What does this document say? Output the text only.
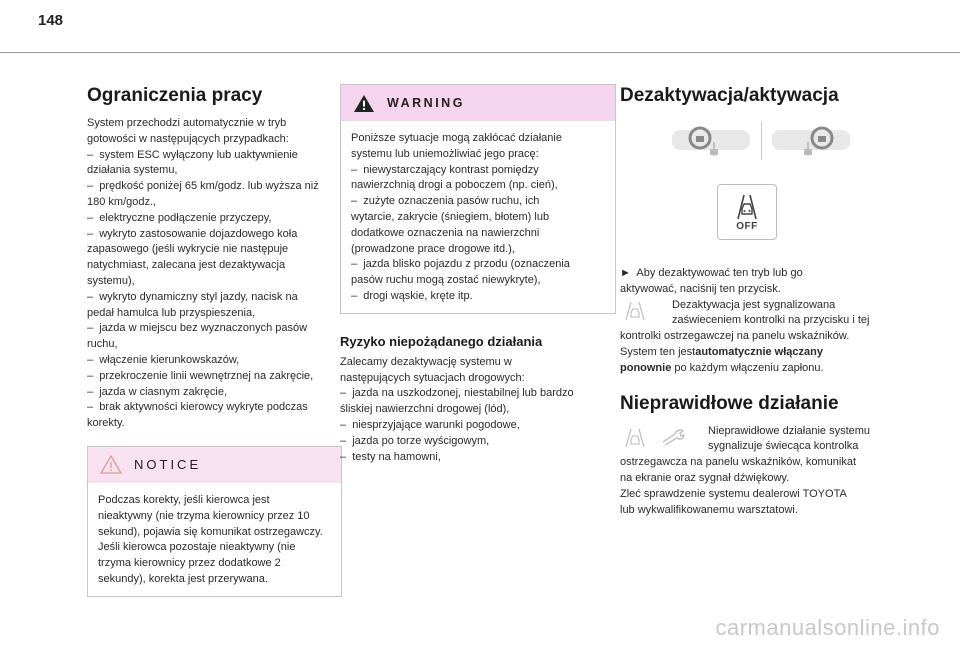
148
Ograniczenia pracy
System przechodzi automatycznie w tryb
gotowości w następujących przypadkach:
–  system ESC wyłączony lub uaktywnienie
działania systemu,
–  prędkość poniżej 65 km/godz. lub wyższa niż
180 km/godz.,
–  elektryczne podłączenie przyczepy,
–  wykryto zastosowanie dojazdowego koła
zapasowego (jeśli wykrycie nie następuje
natychmiast, zalecana jest dezaktywacja
systemu),
–  wykryto dynamiczny styl jazdy, nacisk na
pedał hamulca lub przyspieszenia,
–  jazda w miejscu bez wyznaczonych pasów
ruchu,
–  włączenie kierunkowskazów,
–  przekroczenie linii wewnętrznej na zakręcie,
–  jazda w ciasnym zakręcie,
–  brak aktywności kierowcy wykryte podczas
korekty.
NOTICE
Podczas korekty, jeśli kierowca jest
nieaktywny (nie trzyma kierownicy przez 10
sekund), pojawia się komunikat ostrzegawczy.
Jeśli kierowca pozostaje nieaktywny (nie
trzyma kierownicy przez dodatkowe 2
sekundy), korekta jest przerywana.
WARNING
Poniższe sytuacje mogą zakłócać działanie
systemu lub uniemożliwiać jego pracę:
–  niewystarczający kontrast pomiędzy
nawierzchnią drogi a poboczem (np. cień),
–  zużyte oznaczenia pasów ruchu, ich
wytarcie, zakrycie (śniegiem, błotem) lub
dodatkowe oznaczenia na nawierzchni
(prowadzone prace drogowe itd.),
–  jazda blisko pojazdu z przodu (oznaczenia
pasów ruchu mogą zostać niewykryte),
–  drogi wąskie, kręte itp.
Ryzyko niepożądanego działania
Zalecamy dezaktywację systemu w
następujących sytuacjach drogowych:
–  jazda na uszkodzonej, niestabilnej lub bardzo
śliskiej nawierzchni drogowej (lód),
–  niesprzyjające warunki pogodowe,
–  jazda po torze wyścigowym,
–  testy na hamowni,
Dezaktywacja/aktywacja
OFF
►  Aby dezaktywować ten tryb lub go
aktywować, naciśnij ten przycisk.
Dezaktywacja jest sygnalizowana
zaświeceniem kontrolki na przycisku i tej
kontrolki ostrzegawczej na panelu wskaźników.
System ten jestautomatycznie włączany
ponownie po każdym włączeniu zapłonu.
Nieprawidłowe działanie
Nieprawidłowe działanie systemu
sygnalizuje świecąca kontrolka
ostrzegawcza na panelu wskaźników, komunikat
na ekranie oraz sygnał dźwiękowy.
Zleć sprawdzenie systemu dealerowi TOYOTA
lub wykwalifikowanemu warsztatowi.
carmanualsonline.info
